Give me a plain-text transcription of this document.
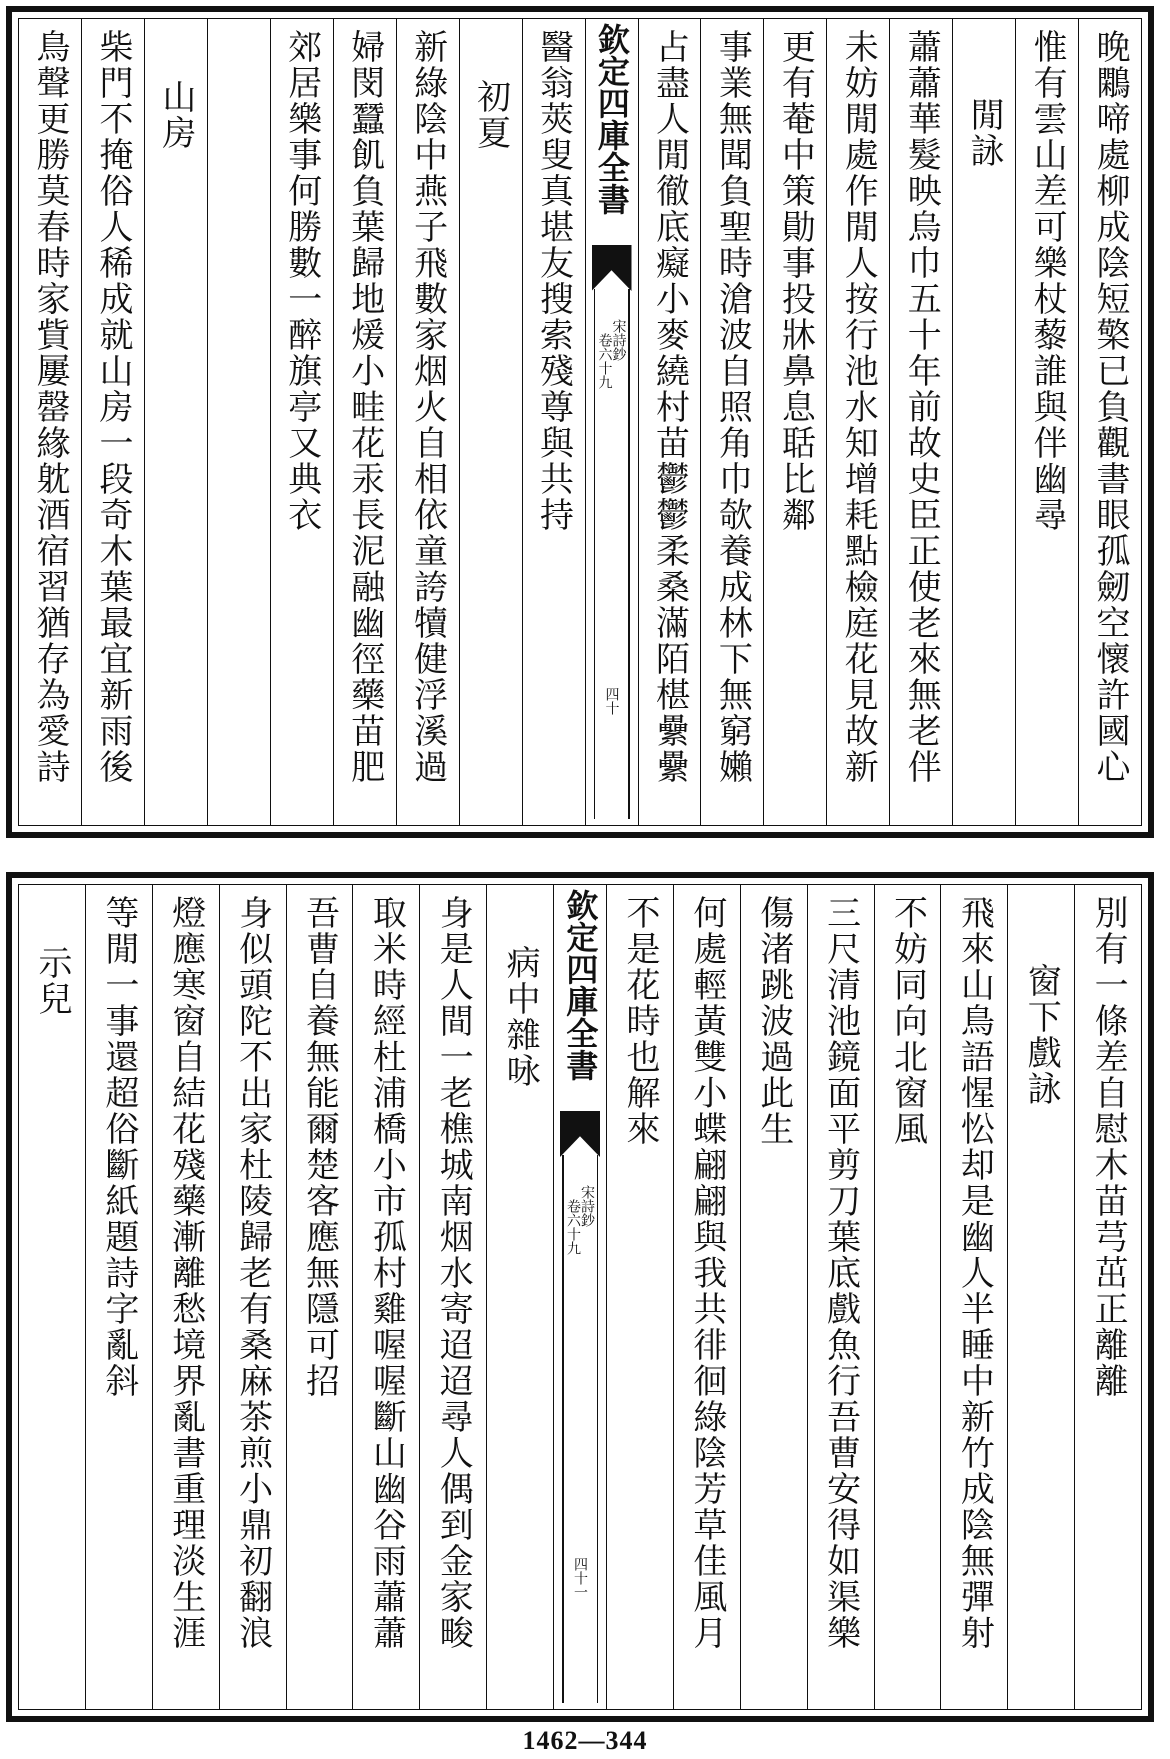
晚鷴啼處柳成陰短檠已負觀書眼孤劒空懷許國心
惟有雲山差可樂杖藜誰與伴幽尋
閒詠
蕭蕭華髮映烏巾五十年前故史臣正使老來無老伴
未妨閒處作閒人按行池水知增耗點檢庭花見故新
更有菴中策勛事投牀鼻息聒比鄰
事業無聞負聖時滄波自照角巾欹養成林下無窮嬾
占盡人閒徹底癡小麥繞村苗鬱鬱柔桑滿陌椹纍纍
欽定四庫全書
宋詩鈔
卷六十九
四十
醫翁莢叟真堪友搜索殘尊與共持
初夏
新綠陰中燕子飛數家烟火自相依童誇犢健浮溪過
婦閔蠶飢負葉歸地煖小畦花汞長泥融幽徑藥苗肥
郊居樂事何勝數一醉旗亭又典衣
山房
柴門不掩俗人稀成就山房一段奇木葉最宜新雨後
鳥聲更勝莫春時家貲屢罄緣躭酒宿習猶存為愛詩
別有一條差自慰木苗芎茁正離離
窗下戲詠
飛來山鳥語惺忪却是幽人半睡中新竹成陰無彈射
不妨同向北窗風
三尺清池鏡面平剪刀葉底戲魚行吾曹安得如渠樂
傷渚跳波過此生
何處輕黃雙小蝶翩翩與我共徘徊綠陰芳草佳風月
不是花時也解來
欽定四庫全書
宋詩鈔
卷六十九
四十一
病中雜咏
身是人間一老樵城南烟水寄迢迢尋人偶到金家畯
取米時經杜浦橋小市孤村雞喔喔斷山幽谷雨蕭蕭
吾曹自養無能爾楚客應無隱可招
身似頭陀不出家杜陵歸老有桑麻茶煎小鼎初翻浪
燈應寒窗自結花殘藥漸離愁境界亂書重理淡生涯
等閒一事還超俗斷紙題詩字亂斜
示兒
1462—344
